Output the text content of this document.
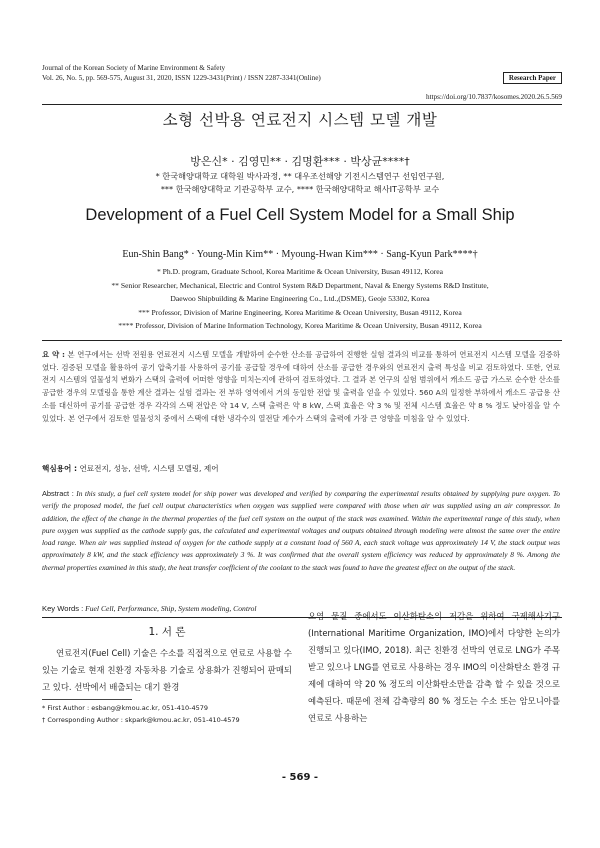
Journal of the Korean Society of Marine Environment & Safety
Vol. 26, No. 5, pp. 569-575, August 31, 2020, ISSN 1229-3431(Print) / ISSN 2287-3341(Online)	Research Paper
https://doi.org/10.7837/kosomes.2020.26.5.569
소형 선박용 연료전지 시스템 모델 개발
방은신* · 김영민** · 김명환*** · 박상균****†
* 한국해양대학교 대학원 박사과정, ** 대우조선해양 기전시스템연구 선임연구원,
*** 한국해양대학교 기관공학부 교수, **** 한국해양대학교 해사IT공학부 교수
Development of a Fuel Cell System Model for a Small Ship
Eun-Shin Bang* · Young-Min Kim** · Myoung-Hwan Kim*** · Sang-Kyun Park****†
* Ph.D. program, Graduate School, Korea Maritime & Ocean University, Busan 49112, Korea
** Senior Researcher, Mechanical, Electric and Control System R&D Department, Naval & Energy Systems R&D Institute,
Daewoo Shipbuilding & Marine Engineering Co., Ltd.,(DSME), Geoje 53302, Korea
*** Professor, Division of Marine Engineering, Korea Maritime & Ocean University, Busan 49112, Korea
**** Professor, Division of Marine Information Technology, Korea Maritime & Ocean University, Busan 49112, Korea
요 약 : 본 연구에서는 선박 전원용 연료전지 시스템 모델을 개발하여 순수한 산소를 공급하여 진행한 실험 결과의 비교를 통하여 연료전지 시스템 모델을 검증하였다. 검증된 모델을 활용하여 공기 압축기를 사용하여 공기를 공급할 경우에 대하여 산소를 공급한 경우와의 연료전지 출력 특성을 비교 검토하였다. 또한, 연료전지 시스템의 열물성치 변화가 스택의 출력에 어떠한 영향을 미치는지에 관하여 검토하였다. 그 결과 본 연구의 실험 범위에서 캐소드 공급 가스로 순수한 산소를 공급한 경우의 모델링을 통한 계산 결과는 실험 결과는 전 부하 영역에서 거의 동일한 전압 및 출력을 얻을 수 있었다. 560 A의 일정한 부하에서 캐소드 공급용 산소를 대신하여 공기를 공급한 경우 각각의 스택 전압은 약 14 V, 스택 출력은 약 8 kW, 스택 효율은 약 3 % 및 전체 시스템 효율은 약 8 % 정도 낮아짐을 알 수 있었다. 본 연구에서 검토한 열물성치 중에서 스택에 대한 냉각수의 열전달 계수가 스택의 출력에 가장 큰 영향을 미침을 알 수 있었다.
핵심용어 : 연료전지, 성능, 선박, 시스템 모델링, 제어
Abstract : In this study, a fuel cell system model for ship power was developed and verified by comparing the experimental results obtained by supplying pure oxygen. To verify the proposed model, the fuel cell output characteristics when oxygen was supplied were compared with those when air was supplied using an air compressor. In addition, the effect of the change in the thermal properties of the fuel cell system on the output of the stack was examined. Within the experimental range of this study, when pure oxygen was supplied as the cathode supply gas, the calculated and experimental voltages and outputs obtained through modeling were almost the same over the entire load range. When air was supplied instead of oxygen for the cathode supply at a constant load of 560 A, each stack voltage was approximately 14 V, the stack output was approximately 8 kW, and the stack efficiency was approximately 3 %. It was confirmed that the overall system efficiency was reduced by approximately 8 %. Among the thermal properties examined in this study, the heat transfer coefficient of the coolant to the stack was found to have the greatest effect on the output of the stack.
Key Words : Fuel Cell, Performance, Ship, System modeling, Control
1. 서 론
연료전지(Fuel Cell) 기술은 수소를 직접적으로 연료로 사용할 수 있는 기술로 현재 친환경 자동차용 기술로 상용화가 진행되어 판매되고 있다. 선박에서 배출되는 대기 환경
오염 물질 중에서도 이산화탄소의 저감을 위하여 국제해사기구(International Maritime Organization, IMO)에서 다양한 논의가 진행되고 있다(IMO, 2018). 최근 친환경 선박의 연료로 LNG가 주목받고 있으나 LNG를 연료로 사용하는 경우 IMO의 이산화탄소 환경 규제에 대하여 약 20 % 정도의 이산화탄소만을 감축 할 수 있을 것으로 예측된다. 때문에 전체 감축량의 80 % 정도는 수소 또는 암모니아를 연료로 사용하는
* First Author : esbang@kmou.ac.kr, 051-410-4579
† Corresponding Author : skpark@kmou.ac.kr, 051-410-4579
- 569 -
